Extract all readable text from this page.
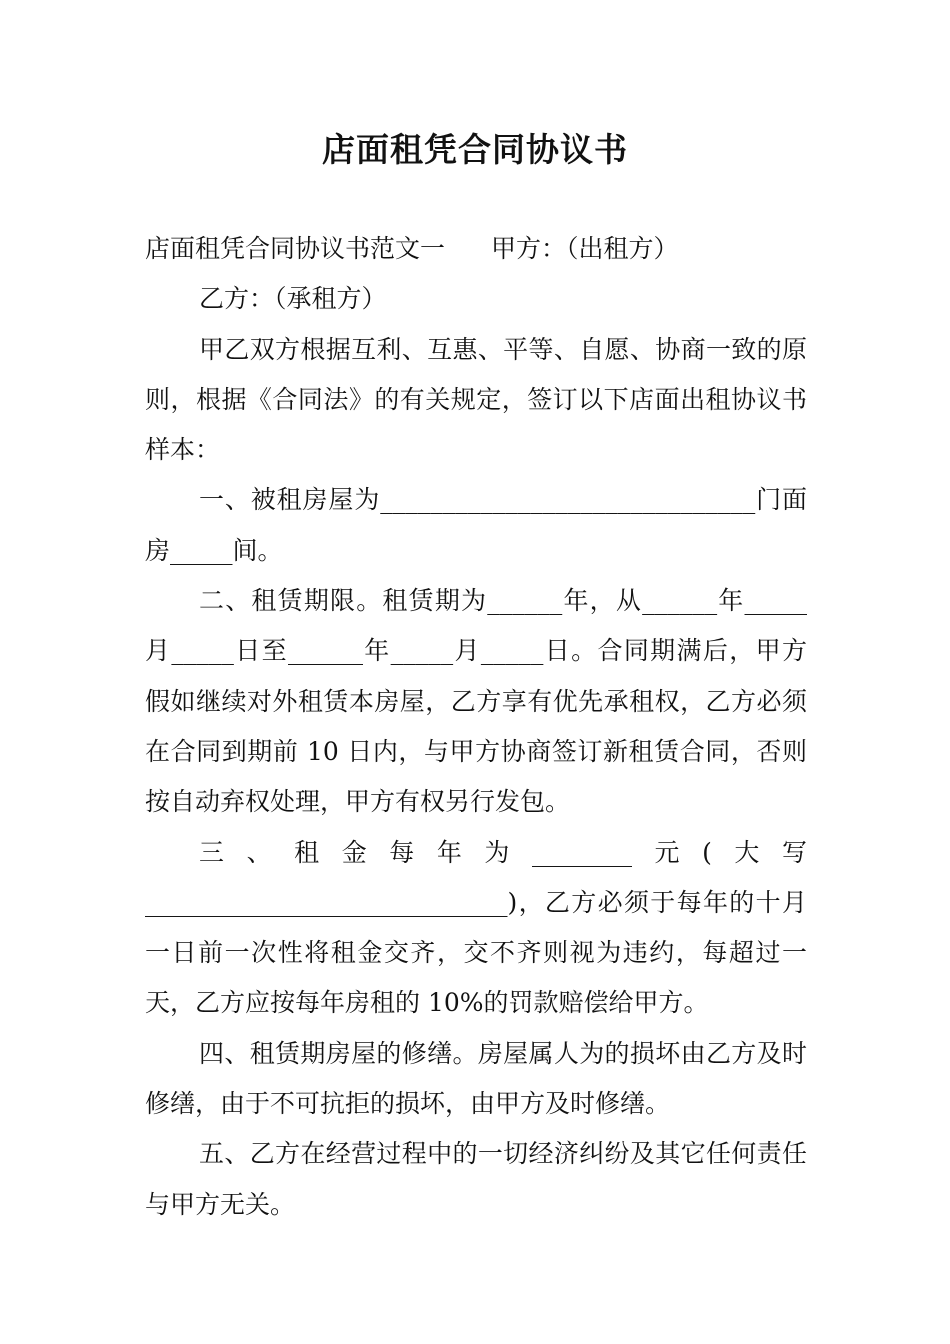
店面租凭合同协议书

店面租凭合同协议书范文一 甲方：（出租方）

乙方：（承租方）

甲乙双方根据互利、互惠、平等、自愿、协商一致的原则，根据《合同法》的有关规定，签订以下店面出租协议书样本：

一、被租房屋为______________________________门面房_____间。

二、租赁期限。租赁期为______年，从______年_____月_____日至______年_____月_____日。合同期满后，甲方假如继续对外租赁本房屋，乙方享有优先承租权，乙方必须在合同到期前 10 日内，与甲方协商签订新租赁合同，否则按自动弃权处理，甲方有权另行发包。

三、租金每年为________元(大写_____________________________)，乙方必须于每年的十月一日前一次性将租金交齐，交不齐则视为违约，每超过一天，乙方应按每年房租的 10%的罚款赔偿给甲方。

四、租赁期房屋的修缮。房屋属人为的损坏由乙方及时修缮，由于不可抗拒的损坏，由甲方及时修缮。

五、乙方在经营过程中的一切经济纠纷及其它任何责任与甲方无关。
